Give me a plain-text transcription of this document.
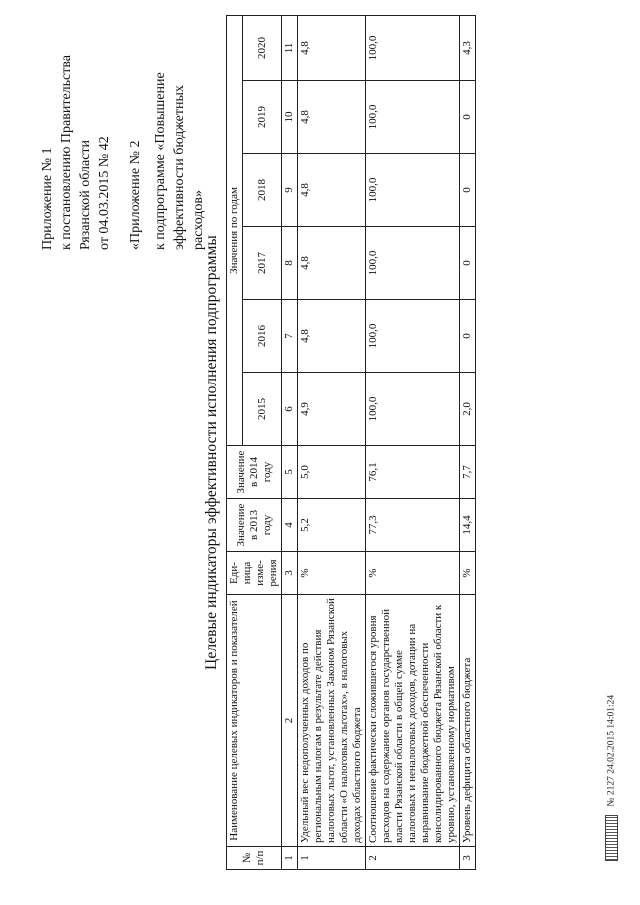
Приложение № 1 к постановлению Правительства Рязанской области от 04.03.2015 № 42 «Приложение № 2 к подпрограмме «Повышение эффективности бюджетных расходов»
Целевые индикаторы эффективности исполнения подпрограммы
№
п/п	Наименование целевых индикаторов и показателей	Еди-
ница
изме-
рения	Значение
в 2013
году	Значение
в 2014
году	Значения по годам					
					2015	2016	2017	2018	2019	2020
1	2	3	4	5	6	7	8	9	10	11
1	Удельный вес недополученных доходов по региональным налогам в результате действия налоговых льгот, установленных Законом Рязанской области «О налоговых льготах», в налоговых доходах областного бюджета	%	5,2	5,0	4,9	4,8	4,8	4,8	4,8	4,8
2	Соотношение фактически сложившегося уровня расходов на содержание органов государственной власти Рязанской области в общей сумме налоговых и неналоговых доходов, дотации на выравнивание бюджетной обеспеченности консолидированного бюджета Рязанской области к уровню, установленному нормативом	%	77,3	76,1	100,0	100,0	100,0	100,0	100,0	100,0
3	Уровень дефицита областного бюджета	%	14,4	7,7	2,0	0	0	0	0	4,3
№ 2127 24.02.2015 14:01:24
